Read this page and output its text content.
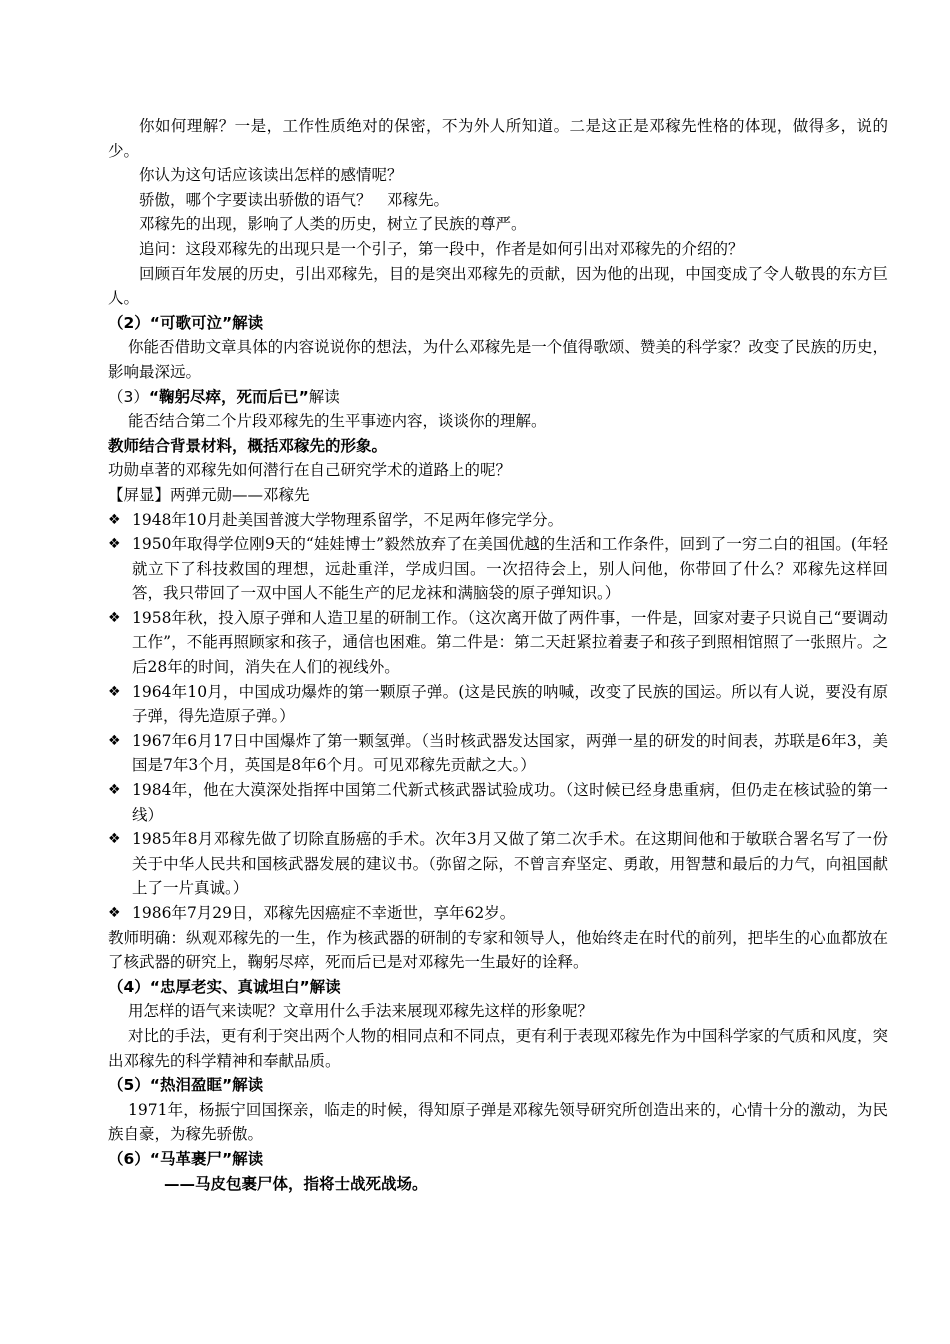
你如何理解？一是，工作性质绝对的保密，不为外人所知道。二是这正是邓稼先性格的体现，做得多，说的少。

你认为这句话应该读出怎样的感情呢？

骄傲，哪个字要读出骄傲的语气？　邓稼先。

邓稼先的出现，影响了人类的历史，树立了民族的尊严。

追问：这段邓稼先的出现只是一个引子，第一段中，作者是如何引出对邓稼先的介绍的？

回顾百年发展的历史，引出邓稼先，目的是突出邓稼先的贡献，因为他的出现，中国变成了令人敬畏的东方巨人。

（2）“可歌可泣”解读

你能否借助文章具体的内容说说你的想法，为什么邓稼先是一个值得歌颂、赞美的科学家？改变了民族的历史，影响最深远。

（3）“鞠躬尽瘁，死而后已”解读

能否结合第二个片段邓稼先的生平事迹内容，谈谈你的理解。

教师结合背景材料，概括邓稼先的形象。

功勋卓著的邓稼先如何潜行在自己研究学术的道路上的呢？

【屏显】两弹元勋——邓稼先

❖ 1948年10月赴美国普渡大学物理系留学，不足两年修完学分。
❖ 1950年取得学位刚9天的“娃娃博士”毅然放弃了在美国优越的生活和工作条件，回到了一穷二白的祖国。(年轻就立下了科技救国的理想，远赴重洋，学成归国。一次招待会上，别人问他，你带回了什么？邓稼先这样回答，我只带回了一双中国人不能生产的尼龙袜和满脑袋的原子弹知识。）
❖ 1958年秋，投入原子弹和人造卫星的研制工作。（这次离开做了两件事，一件是，回家对妻子只说自己“要调动工作”，不能再照顾家和孩子，通信也困难。第二件是：第二天赶紧拉着妻子和孩子到照相馆照了一张照片。之后28年的时间，消失在人们的视线外。
❖ 1964年10月，中国成功爆炸的第一颗原子弹。(这是民族的呐喊，改变了民族的国运。所以有人说，要没有原子弹，得先造原子弹。）
❖ 1967年6月17日中国爆炸了第一颗氢弹。（当时核武器发达国家，两弹一星的研发的时间表，苏联是6年3，美国是7年3个月，英国是8年6个月。可见邓稼先贡献之大。）
❖ 1984年，他在大漠深处指挥中国第二代新式核武器试验成功。（这时候已经身患重病，但仍走在核试验的第一线）
❖ 1985年8月邓稼先做了切除直肠癌的手术。次年3月又做了第二次手术。在这期间他和于敏联合署名写了一份关于中华人民共和国核武器发展的建议书。（弥留之际，不曾言弃坚定、勇敢，用智慧和最后的力气，向祖国献上了一片真诚。）
❖ 1986年7月29日，邓稼先因癌症不幸逝世，享年62岁。

教师明确：纵观邓稼先的一生，作为核武器的研制的专家和领导人，他始终走在时代的前列，把毕生的心血都放在了核武器的研究上，鞠躬尽瘁，死而后已是对邓稼先一生最好的诠释。

（4）“忠厚老实、真诚坦白”解读

用怎样的语气来读呢？文章用什么手法来展现邓稼先这样的形象呢？

对比的手法，更有利于突出两个人物的相同点和不同点，更有利于表现邓稼先作为中国科学家的气质和风度，突出邓稼先的科学精神和奉献品质。

（5）“热泪盈眶”解读

1971年，杨振宁回国探亲，临走的时候，得知原子弹是邓稼先领导研究所创造出来的，心情十分的激动，为民族自豪，为稼先骄傲。

（6）“马革裹尸”解读

——马皮包裹尸体，指将士战死战场。
